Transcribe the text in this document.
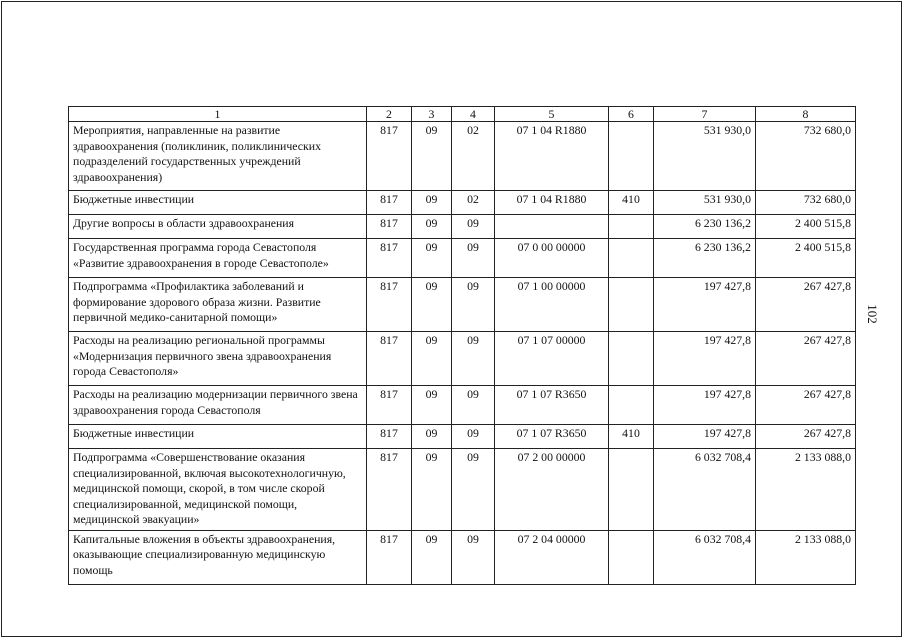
1	2	3	4	5	6	7	8
Мероприятия, направленные на развитие здравоохранения (поликлиник, поликлинических подразделений государственных учреждений здравоохранения)	817	09	02	07 1 04 R1880		531 930,0	732 680,0
Бюджетные инвестиции	817	09	02	07 1 04 R1880	410	531 930,0	732 680,0
Другие вопросы в области здравоохранения	817	09	09			6 230 136,2	2 400 515,8
Государственная программа города Севастополя «Развитие здравоохранения в городе Севастополе»	817	09	09	07 0 00 00000		6 230 136,2	2 400 515,8
Подпрограмма «Профилактика заболеваний и формирование здорового образа жизни. Развитие первичной медико-санитарной помощи»	817	09	09	07 1 00 00000		197 427,8	267 427,8
Расходы на реализацию региональной программы «Модернизация первичного звена здравоохранения города Севастополя»	817	09	09	07 1 07 00000		197 427,8	267 427,8
Расходы на реализацию модернизации первичного звена здравоохранения города Севастополя	817	09	09	07 1 07 R3650		197 427,8	267 427,8
Бюджетные инвестиции	817	09	09	07 1 07 R3650	410	197 427,8	267 427,8
Подпрограмма «Совершенствование оказания специализированной, включая высокотехнологичную, медицинской помощи, скорой, в том числе скорой специализированной, медицинской помощи, медицинской эвакуации»	817	09	09	07 2 00 00000		6 032 708,4	2 133 088,0
Капитальные вложения в объекты здравоохранения, оказывающие специализированную медицинскую помощь	817	09	09	07 2 04 00000		6 032 708,4	2 133 088,0
102
